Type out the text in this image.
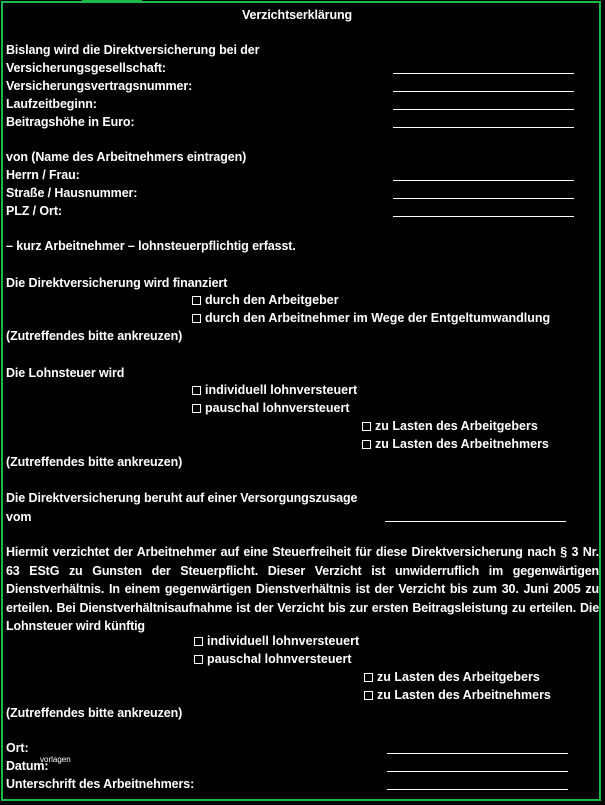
Verzichtserklärung
Bislang wird die Direktversicherung bei der
Versicherungsgesellschaft:
Versicherungsvertragsnummer:
Laufzeitbeginn:
Beitragshöhe in Euro:
von (Name des Arbeitnehmers eintragen)
Herrn / Frau:
Straße / Hausnummer:
PLZ / Ort:
– kurz Arbeitnehmer – lohnsteuerpflichtig erfasst.
Die Direktversicherung wird finanziert
durch den Arbeitgeber
durch den Arbeitnehmer im Wege der Entgeltumwandlung
(Zutreffendes bitte ankreuzen)
Die Lohnsteuer wird
individuell lohnversteuert
pauschal lohnversteuert
zu Lasten des Arbeitgebers
zu Lasten des Arbeitnehmers
(Zutreffendes bitte ankreuzen)
Die Direktversicherung beruht auf einer Versorgungszusage
vom
Hiermit verzichtet der Arbeitnehmer auf eine Steuerfreiheit für diese Direktversicherung nach § 3 Nr. 63 EStG zu Gunsten der Steuerpflicht. Dieser Verzicht ist unwiderruflich im gegenwärtigen Dienstverhältnis. In einem gegenwärtigen Dienstverhältnis ist der Verzicht bis zum 30. Juni 2005 zu erteilen. Bei Dienstverhältnisaufnahme ist der Verzicht bis zur ersten Beitragsleistung zu erteilen. Die Lohnsteuer wird künftig
individuell lohnversteuert
pauschal lohnversteuert
zu Lasten des Arbeitgebers
zu Lasten des Arbeitnehmers
(Zutreffendes bitte ankreuzen)
Ort:
vorlagen
Datum:
Unterschrift des Arbeitnehmers:
